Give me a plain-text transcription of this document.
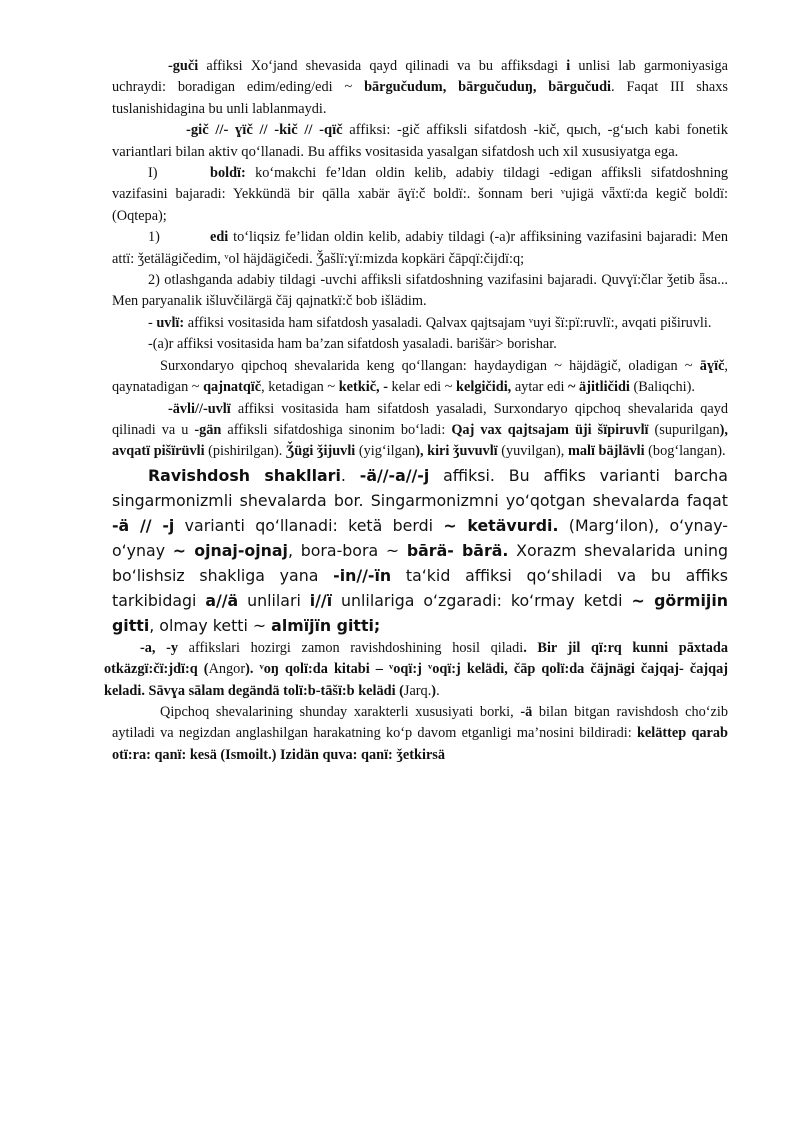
-guči affiksi Xo‘jand shevasida qayd qilinadi va bu affiksdagi i unlisi lab garmoniyasiga uchraydi: boradigan edim/eding/edi ~ bārgučudum, bārgučuduŋ, bārgučudi. Faqat III shaxs tuslanishidagina bu unli lablanmaydi.

-gič //- ɣïč // -kič // -qïč affiksi: -gič affiksli sifatdosh -kič, qыch, -g‘ыch kabi fonetik variantlari bilan aktiv qo‘llanadi. Bu affiks vositasida yasalgan sifatdosh uch xil xususiyatga ega.

I)	boldï: ko‘makchi fe’ldan oldin kelib, adabiy tildagi -edigan affiksli sifatdoshning vazifasini bajaradi: Yekkündä bir qālla xabär āɣï:č boldï:. šonnam beri ᵛujigä vǟxtï:da kegič boldï: (Oqtepa);

1)	edi to‘liqsiz fe’lidan oldin kelib, adabiy tildagi (-a)r affiksining vazifasini bajaradi: Men attï: ǯetälägičedim, ᵛol häjdägičedi. Ǯašlï:ɣï:mizda kopkäri čāpqï:čijdï:q;

2) otlashganda adabiy tildagi -uvchi affiksli sifatdoshning vazifasini bajaradi. Quvɣï:člar ǯetib ǟsa... Men paryanalik išluvčilärgä čāj qajnatkï:č bob išlädim.

- uvlï: affiksi vositasida ham sifatdosh yasaladi. Qalvax qajtsajam ᵛuyi šï:pï:ruvlï:, avqati piširuvli.

-(a)r affiksi vositasida ham ba’zan sifatdosh yasaladi. barišär> borishar.

Surxondaryo qipchoq shevalarida keng qo‘llangan: haydaydigan ~ häjdägič, oladigan ~ āɣïč, qaynatadigan ~ qajnatqïč, ketadigan ~ ketkič, - kelar edi ~ kelgičidi, aytar edi ~ äjitličidi (Baliqchi).

-ävli//-uvlï affiksi vositasida ham sifatdosh yasaladi, Surxondaryo qipchoq shevalarida qayd qilinadi va u -gän affiksli sifatdoshiga sinonim bo‘ladi: Qaj vax qajtsajam üji šïpiruvlï (supurilgan), avqatï pišïrüvli (pishirilgan). Ǯügi ǯijuvli (yig‘ilgan), kiri ǯuvuvlï (yuvilgan), malï bäjlävli (bog‘langan).

Ravishdosh shakllari. -ä//-a//-j affiksi. Bu affiks varianti barcha singarmonizmli shevalarda bor. Singarmonizmni yo‘qotgan shevalarda faqat -ä // -j varianti qo‘llanadi: ketä berdi ~ ketävurdi. (Marg‘ilon), o‘ynay-o‘ynay ~ ojnaj-ojnaj, bora-bora ~ bārä- bārä. Xorazm shevalarida uning bo‘lishsiz shakliga yana -in//-ïn ta‘kid affiksi qo‘shiladi va bu affiks tarkibidagi a//ä unlilari i//ï unlilariga o‘zgaradi: ko‘rmay ketdi ~ görmijin gitti, olmay ketti ~ almïjïn gitti;

-a, -y affikslari hozirgi zamon ravishdoshining hosil qiladi. Bir jil qï:rq kunni pāxtada otkäzgï:čï:jdï:q (Angor). ᵛoŋ qolï:da kitabi – ᵛoqï:j ᵛoqï:j kelädi, čāp qolï:da čäjnägi čajqaj- čajqaj keladi. Sāvɣa sālam degändä tolï:b-tāšï:b kelädi (Jarq.).

Qipchoq shevalarining shunday xarakterli xususiyati borki, -ä bilan bitgan ravishdosh cho‘zib aytiladi va negizdan anglashilgan harakatning ko‘p davom etganligi ma’nosini bildiradi: kelättep qarab otï:ra: qanï: kesä (Ismoilt.) Izidän quva: qanï: ǯetkirsä
